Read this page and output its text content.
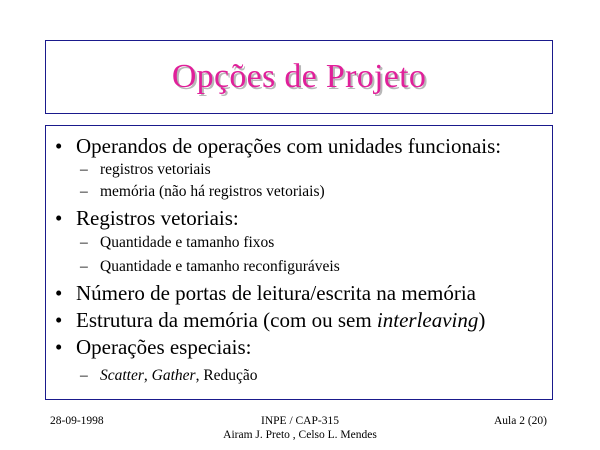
Opções de Projeto
• Operandos de operações com unidades funcionais:
– registros vetoriais
– memória (não há registros vetoriais)
• Registros vetoriais:
– Quantidade e tamanho fixos
– Quantidade e tamanho reconfiguráveis
• Número de portas de leitura/escrita na memória
• Estrutura da memória (com ou sem interleaving)
• Operações especiais:
– Scatter, Gather, Redução
28-09-1998	INPE / CAP-315
Airam J. Preto , Celso L. Mendes
Aula 2 (20)
